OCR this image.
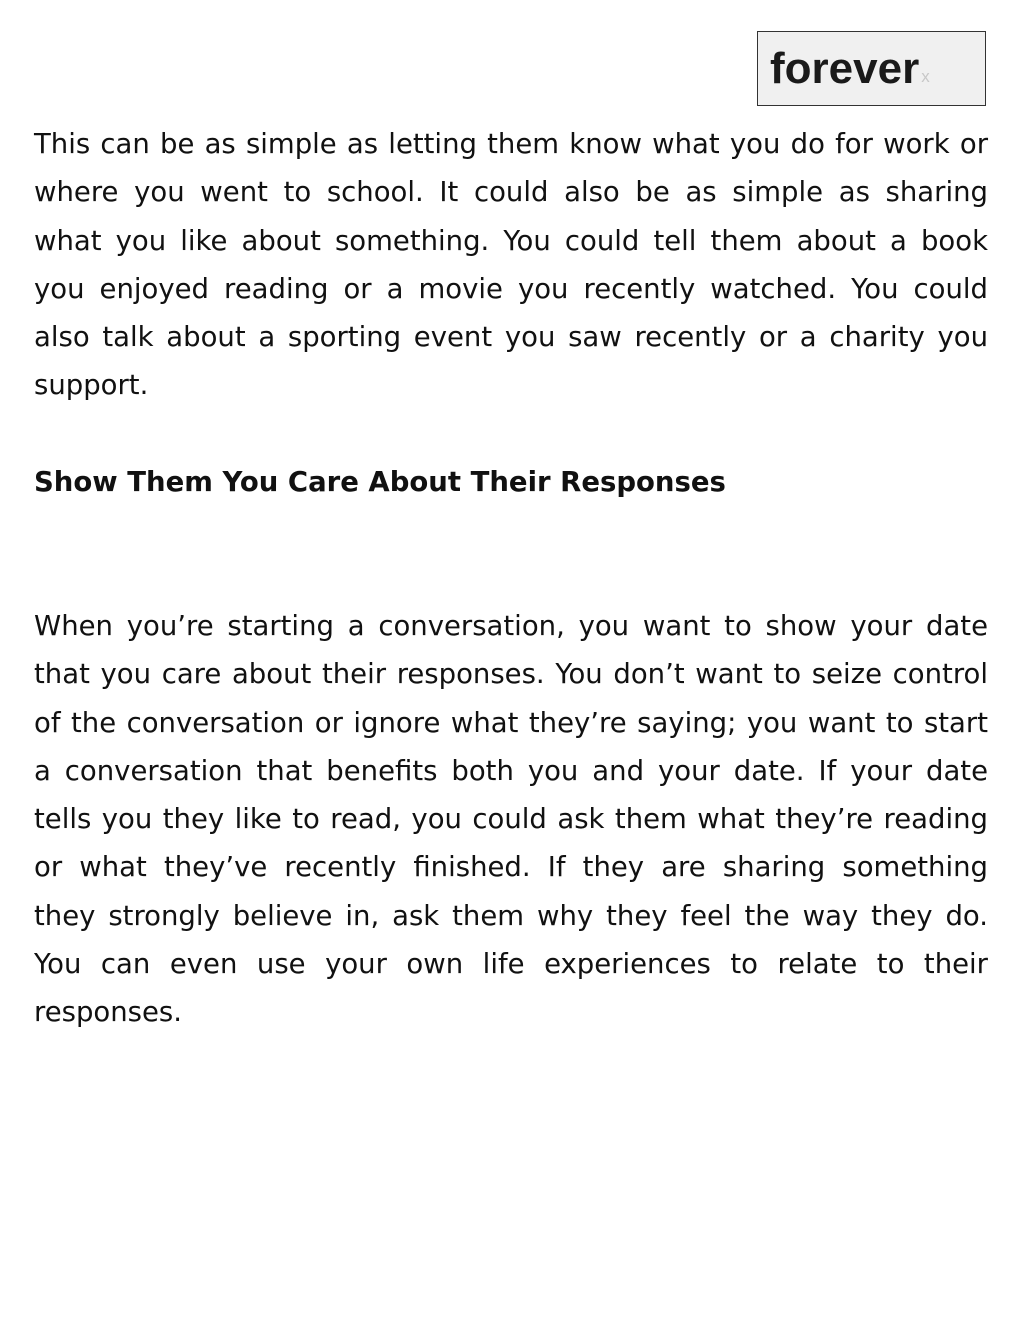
forever x

This can be as simple as letting them know what you do for work or where you went to school. It could also be as simple as sharing what you like about something. You could tell them about a book you enjoyed reading or a movie you recently watched. You could also talk about a sporting event you saw recently or a charity you support.

Show Them You Care About Their Responses

When you’re starting a conversation, you want to show your date that you care about their responses. You don’t want to seize control of the conversation or ignore what they’re saying; you want to start a conversation that benefits both you and your date. If your date tells you they like to read, you could ask them what they’re reading or what they’ve recently finished. If they are sharing something they strongly believe in, ask them why they feel the way they do. You can even use your own life experiences to relate to their responses.
